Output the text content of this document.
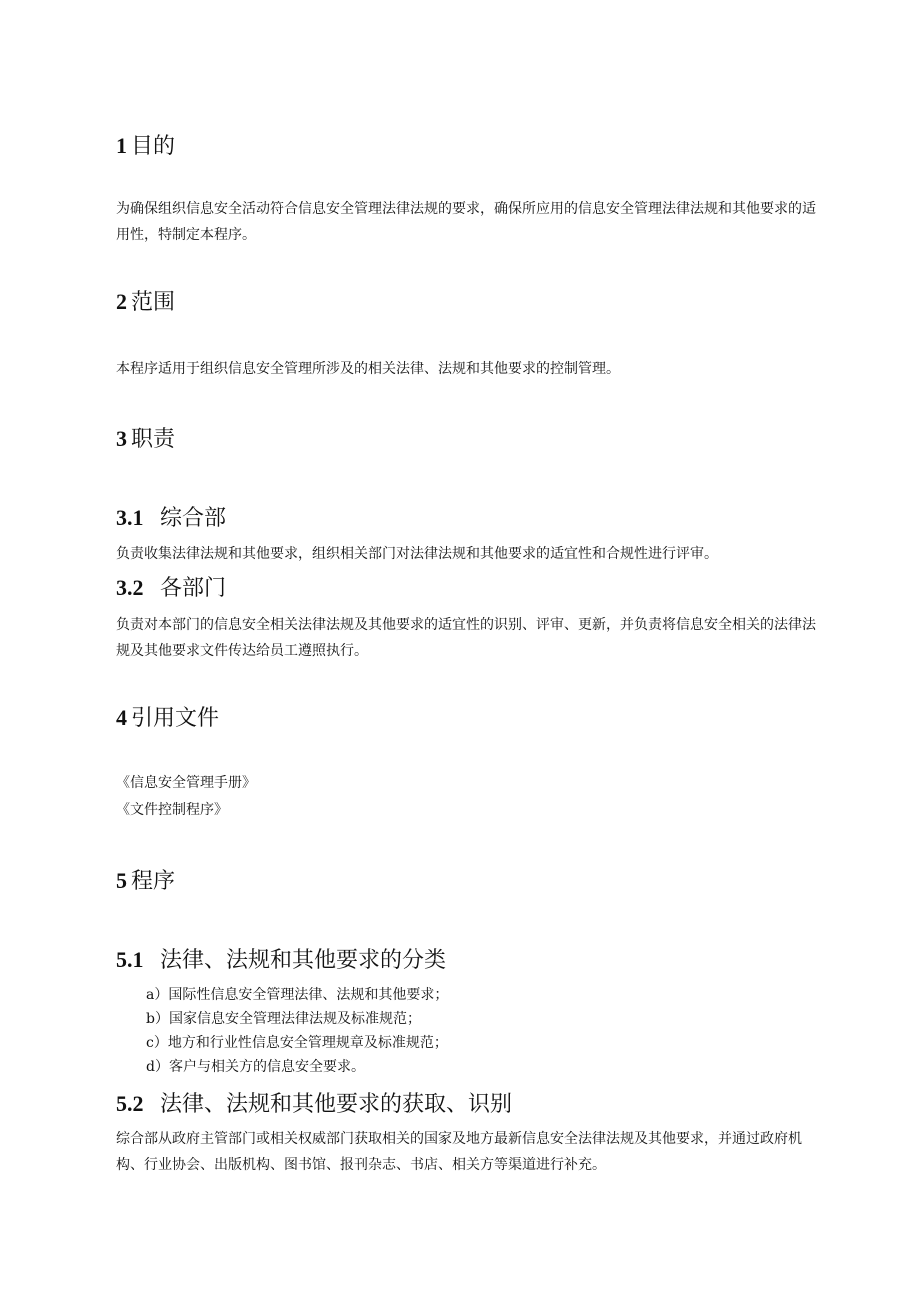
1 目的

为确保组织信息安全活动符合信息安全管理法律法规的要求，确保所应用的信息安全管理法律法规和其他要求的适用性，特制定本程序。

2 范围

本程序适用于组织信息安全管理所涉及的相关法律、法规和其他要求的控制管理。

3 职责
3.1 综合部

负责收集法律法规和其他要求，组织相关部门对法律法规和其他要求的适宜性和合规性进行评审。

3.2 各部门

负责对本部门的信息安全相关法律法规及其他要求的适宜性的识别、评审、更新，并负责将信息安全相关的法律法规及其他要求文件传达给员工遵照执行。

4 引用文件

《信息安全管理手册》

《文件控制程序》

5 程序
5.1 法律、法规和其他要求的分类
a）国际性信息安全管理法律、法规和其他要求；
b）国家信息安全管理法律法规及标准规范；
c）地方和行业性信息安全管理规章及标准规范；
d）客户与相关方的信息安全要求。
5.2 法律、法规和其他要求的获取、识别

综合部从政府主管部门或相关权威部门获取相关的国家及地方最新信息安全法律法规及其他要求，并通过政府机构、行业协会、出版机构、图书馆、报刊杂志、书店、相关方等渠道进行补充。
